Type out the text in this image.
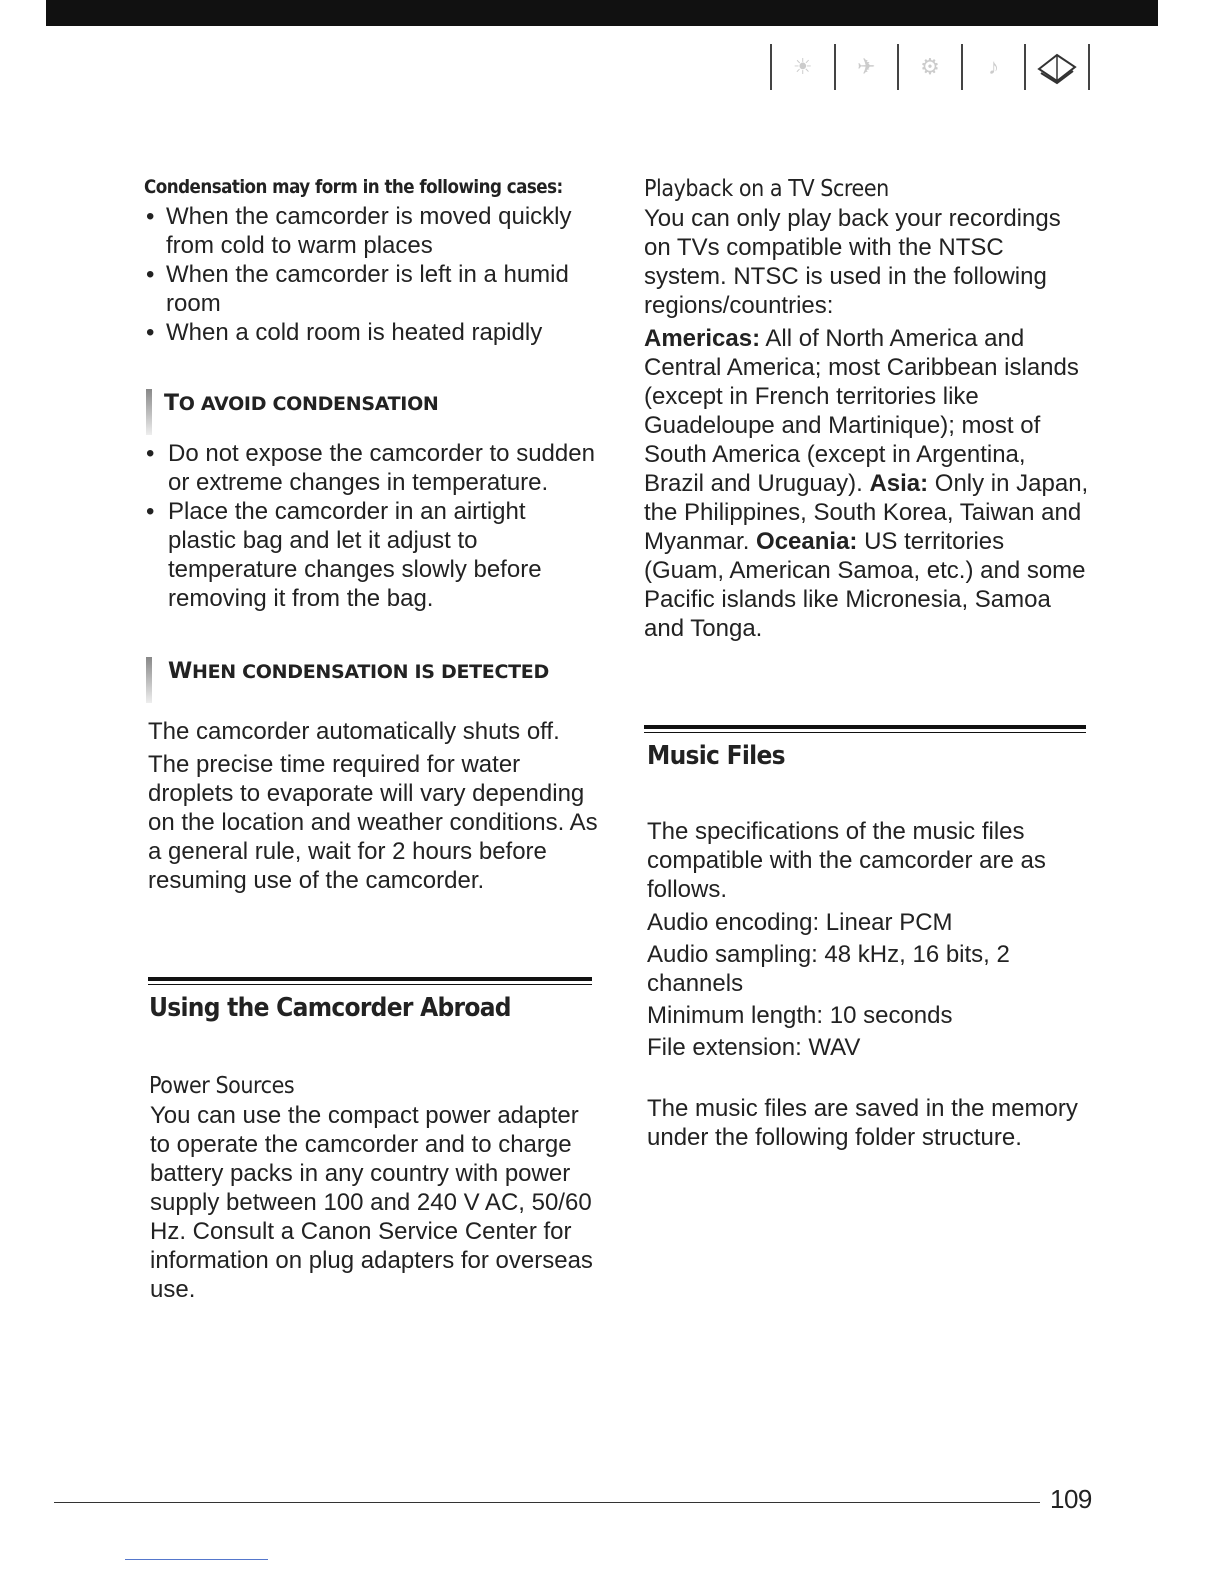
☀ ✈ ⚙ ♪
Condensation may form in the following cases:
• When the camcorder is moved quickly from cold to warm places
• When the camcorder is left in a humid room
• When a cold room is heated rapidly
TO AVOID CONDENSATION
• Do not expose the camcorder to sudden or extreme changes in temperature.
• Place the camcorder in an airtight plastic bag and let it adjust to temperature changes slowly before removing it from the bag.
WHEN CONDENSATION IS DETECTED

The camcorder automatically shuts off.

The precise time required for water droplets to evaporate will vary depending on the location and weather conditions. As a general rule, wait for 2 hours before resuming use of the camcorder.

Using the Camcorder Abroad
Power Sources

You can use the compact power adapter to operate the camcorder and to charge battery packs in any country with power supply between 100 and 240 V AC, 50/60 Hz. Consult a Canon Service Center for information on plug adapters for overseas use.

Playback on a TV Screen

You can only play back your recordings on TVs compatible with the NTSC system. NTSC is used in the following regions/countries:

Americas: All of North America and Central America; most Caribbean islands (except in French territories like Guadeloupe and Martinique); most of South America (except in Argentina, Brazil and Uruguay). Asia: Only in Japan, the Philippines, South Korea, Taiwan and Myanmar. Oceania: US territories (Guam, American Samoa, etc.) and some Pacific islands like Micronesia, Samoa and Tonga.

Music Files

The specifications of the music files compatible with the camcorder are as follows.

Audio encoding: Linear PCM

Audio sampling: 48 kHz, 16 bits, 2 channels

Minimum length: 10 seconds

File extension: WAV

The music files are saved in the memory under the following folder structure.

109
